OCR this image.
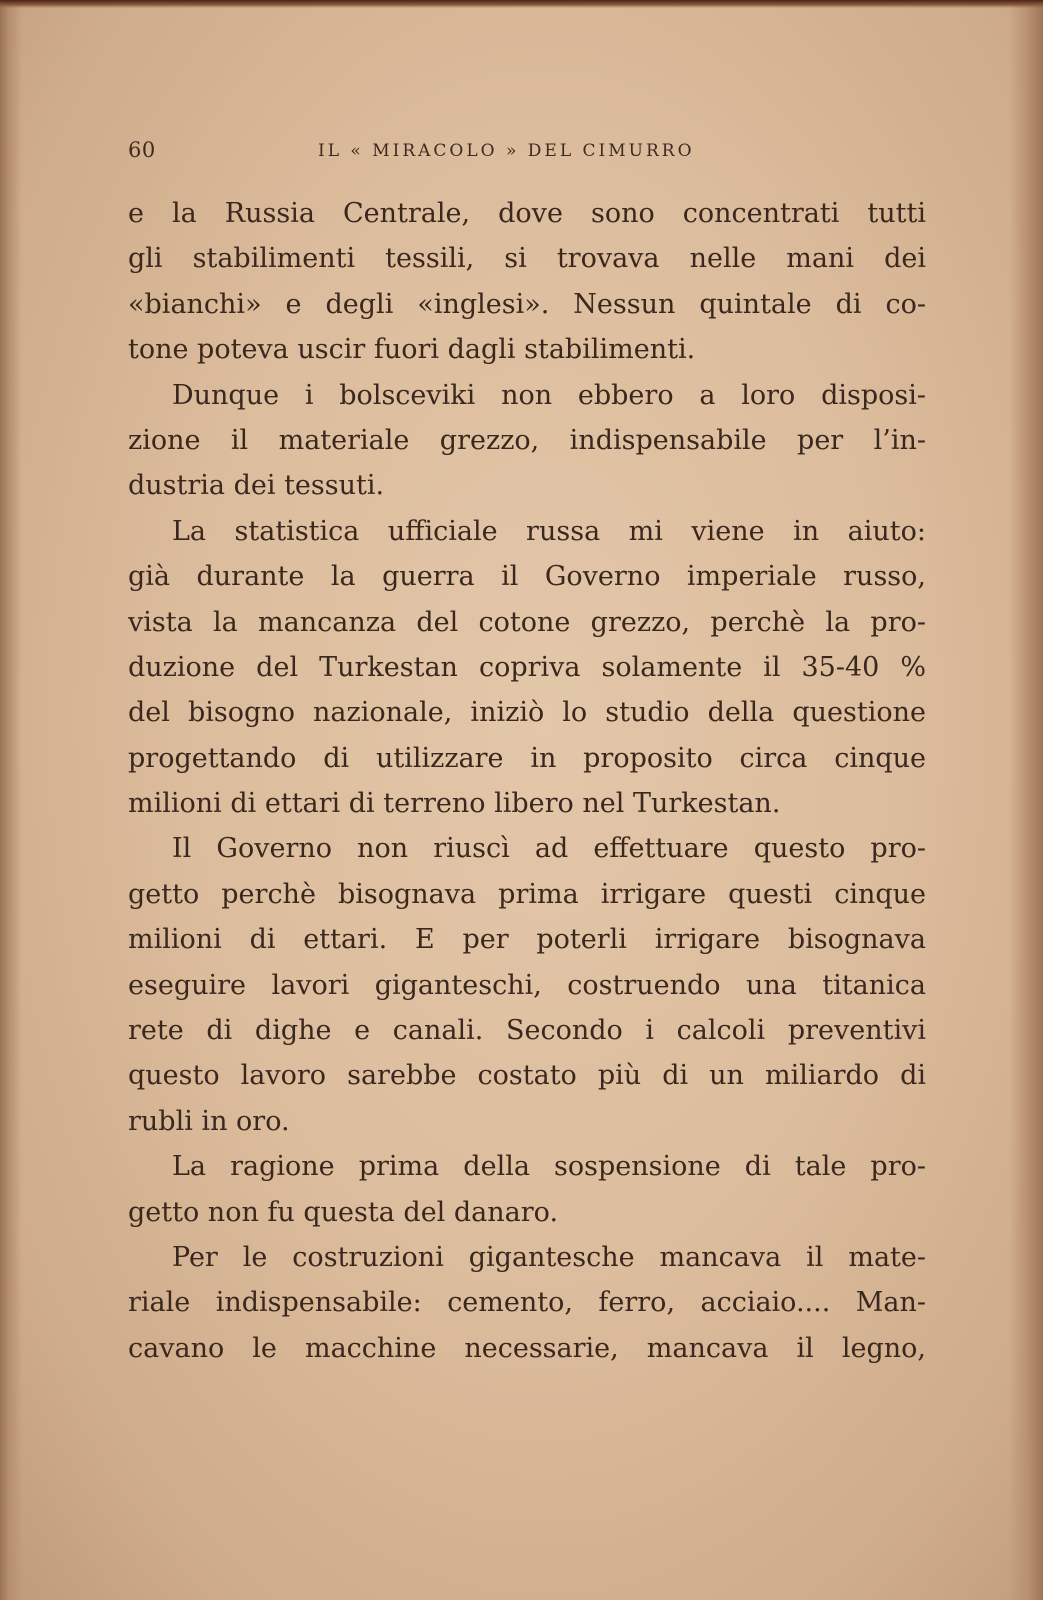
60	IL « MIRACOLO » DEL CIMURRO
e la Russia Centrale, dove sono concentrati tutti
gli stabilimenti tessili, si trovava nelle mani dei
«bianchi» e degli «inglesi». Nessun quintale di co-
tone poteva uscir fuori dagli stabilimenti.
Dunque i bolsceviki non ebbero a loro disposi-
zione il materiale grezzo, indispensabile per l’in-
dustria dei tessuti.
La statistica ufficiale russa mi viene in aiuto:
già durante la guerra il Governo imperiale russo,
vista la mancanza del cotone grezzo, perchè la pro-
duzione del Turkestan copriva solamente il 35-40 %
del bisogno nazionale, iniziò lo studio della questione
progettando di utilizzare in proposito circa cinque
milioni di ettari di terreno libero nel Turkestan.
Il Governo non riuscì ad effettuare questo pro-
getto perchè bisognava prima irrigare questi cinque
milioni di ettari. E per poterli irrigare bisognava
eseguire lavori giganteschi, costruendo una titanica
rete di dighe e canali. Secondo i calcoli preventivi
questo lavoro sarebbe costato più di un miliardo di
rubli in oro.
La ragione prima della sospensione di tale pro-
getto non fu questa del danaro.
Per le costruzioni gigantesche mancava il mate-
riale indispensabile: cemento, ferro, acciaio.... Man-
cavano le macchine necessarie, mancava il legno,
